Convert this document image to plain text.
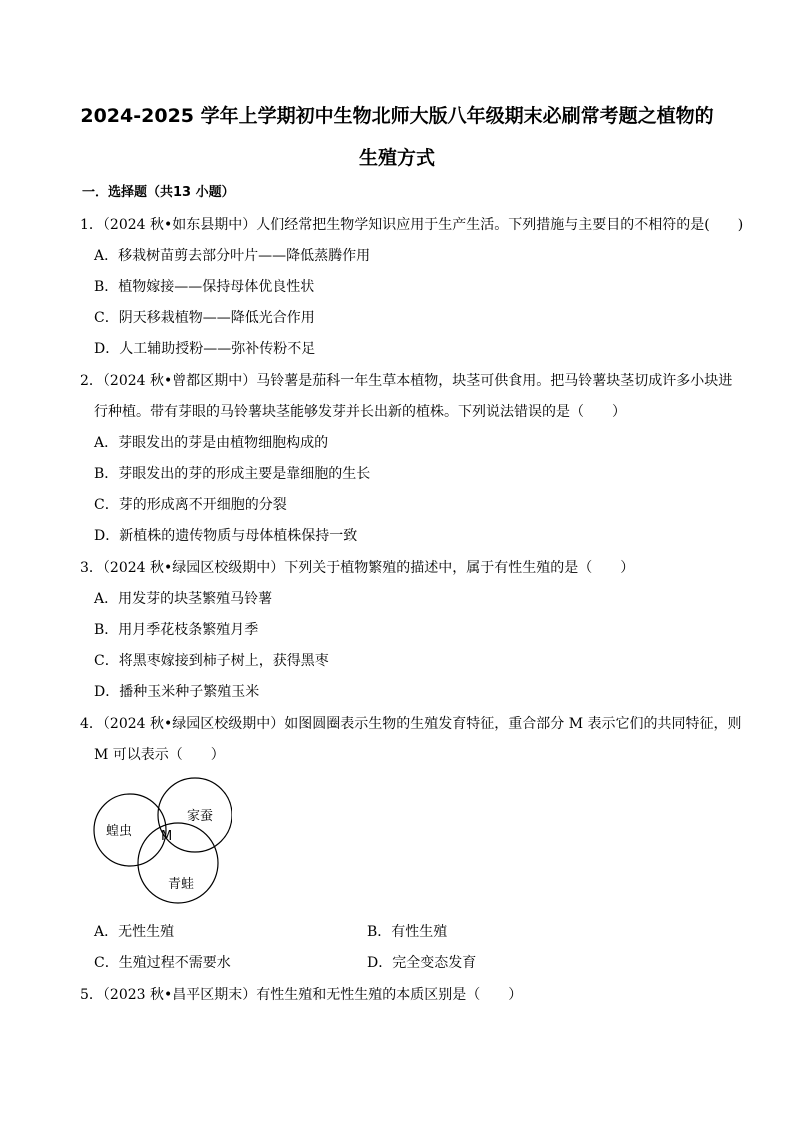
2024-2025 学年上学期初中生物北师大版八年级期末必刷常考题之植物的
生殖方式
一．选择题（共13 小题）
1．（2024 秋•如东县期中）人们经常把生物学知识应用于生产生活。下列措施与主要目的不相符的是(　　)
A．移栽树苗剪去部分叶片——降低蒸腾作用
B．植物嫁接——保持母体优良性状
C．阴天移栽植物——降低光合作用
D．人工辅助授粉——弥补传粉不足
2．（2024 秋•曾都区期中）马铃薯是茄科一年生草本植物，块茎可供食用。把马铃薯块茎切成许多小块进
行种植。带有芽眼的马铃薯块茎能够发芽并长出新的植株。下列说法错误的是（　　）
A．芽眼发出的芽是由植物细胞构成的
B．芽眼发出的芽的形成主要是靠细胞的生长
C．芽的形成离不开细胞的分裂
D．新植株的遗传物质与母体植株保持一致
3．（2024 秋•绿园区校级期中）下列关于植物繁殖的描述中，属于有性生殖的是（　　）
A．用发芽的块茎繁殖马铃薯
B．用月季花枝条繁殖月季
C．将黑枣嫁接到柿子树上，获得黑枣
D．播种玉米种子繁殖玉米
4．（2024 秋•绿园区校级期中）如图圆圈表示生物的生殖发育特征，重合部分 M 表示它们的共同特征，则
M 可以表示（　　）
蝗虫
家蚕
青蛙
M
A．无性生殖	B．有性生殖
C．生殖过程不需要水	D．完全变态发育
5．（2023 秋•昌平区期末）有性生殖和无性生殖的本质区别是（　　）
